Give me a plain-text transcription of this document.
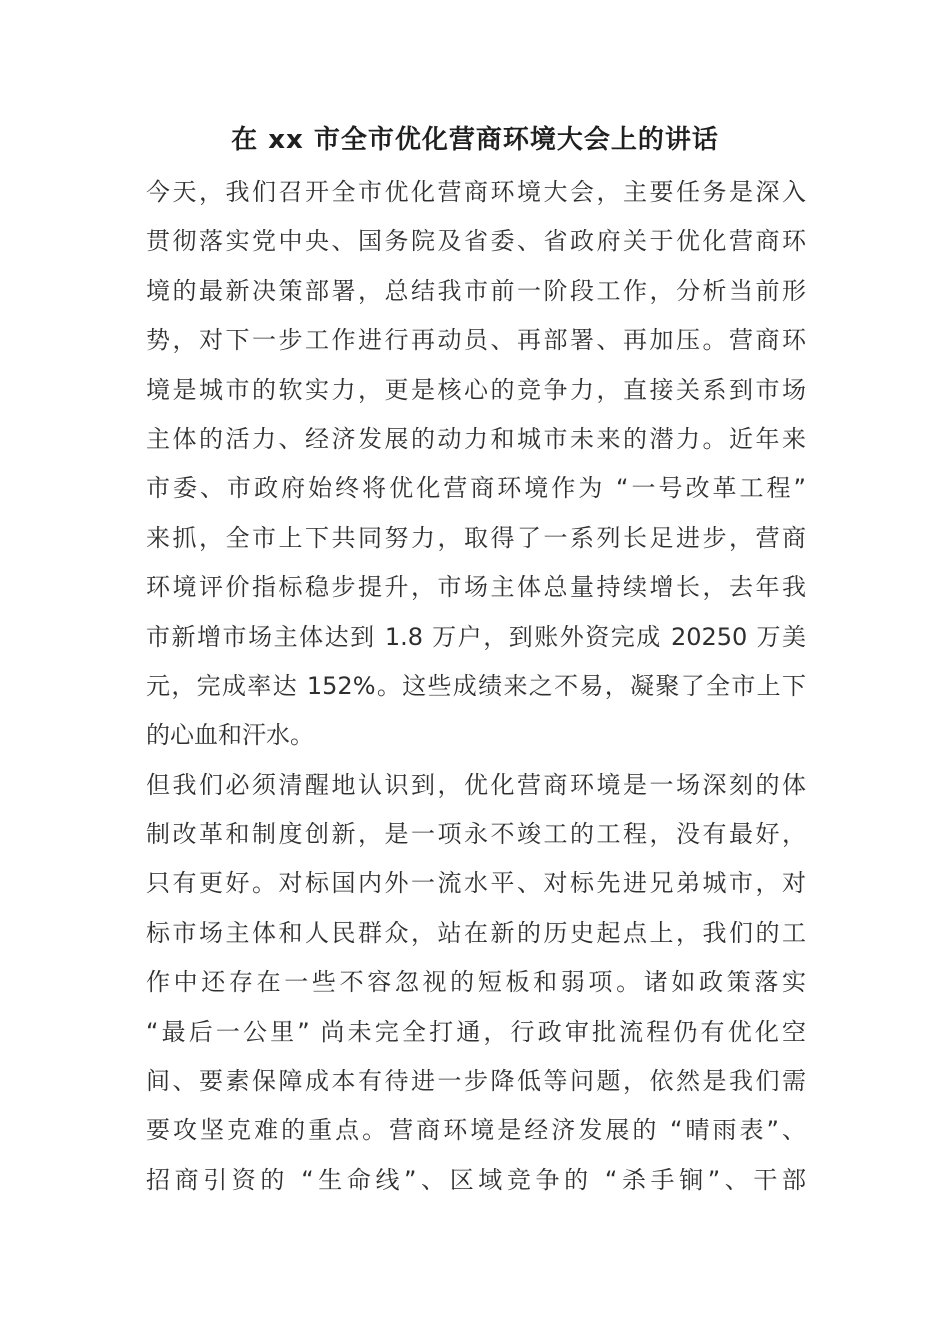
在 xx 市全市优化营商环境大会上的讲话
今天，我们召开全市优化营商环境大会，主要任务是深入
贯彻落实党中央、国务院及省委、省政府关于优化营商环
境的最新决策部署，总结我市前一阶段工作，分析当前形
势，对下一步工作进行再动员、再部署、再加压。营商环
境是城市的软实力，更是核心的竞争力，直接关系到市场
主体的活力、经济发展的动力和城市未来的潜力。近年来
市委、市政府始终将优化营商环境作为 “一号改革工程”
来抓，全市上下共同努力，取得了一系列长足进步，营商
环境评价指标稳步提升，市场主体总量持续增长，去年我
市新增市场主体达到 1.8 万户，到账外资完成 20250 万美
元，完成率达 152%。这些成绩来之不易，凝聚了全市上下
的心血和汗水。
但我们必须清醒地认识到，优化营商环境是一场深刻的体
制改革和制度创新，是一项永不竣工的工程，没有最好，
只有更好。对标国内外一流水平、对标先进兄弟城市，对
标市场主体和人民群众，站在新的历史起点上，我们的工
作中还存在一些不容忽视的短板和弱项。诸如政策落实
“最后一公里” 尚未完全打通，行政审批流程仍有优化空
间、要素保障成本有待进一步降低等问题，依然是我们需
要攻坚克难的重点。营商环境是经济发展的 “晴雨表”、
招商引资的 “生命线”、区域竞争的 “杀手锏”、干部
